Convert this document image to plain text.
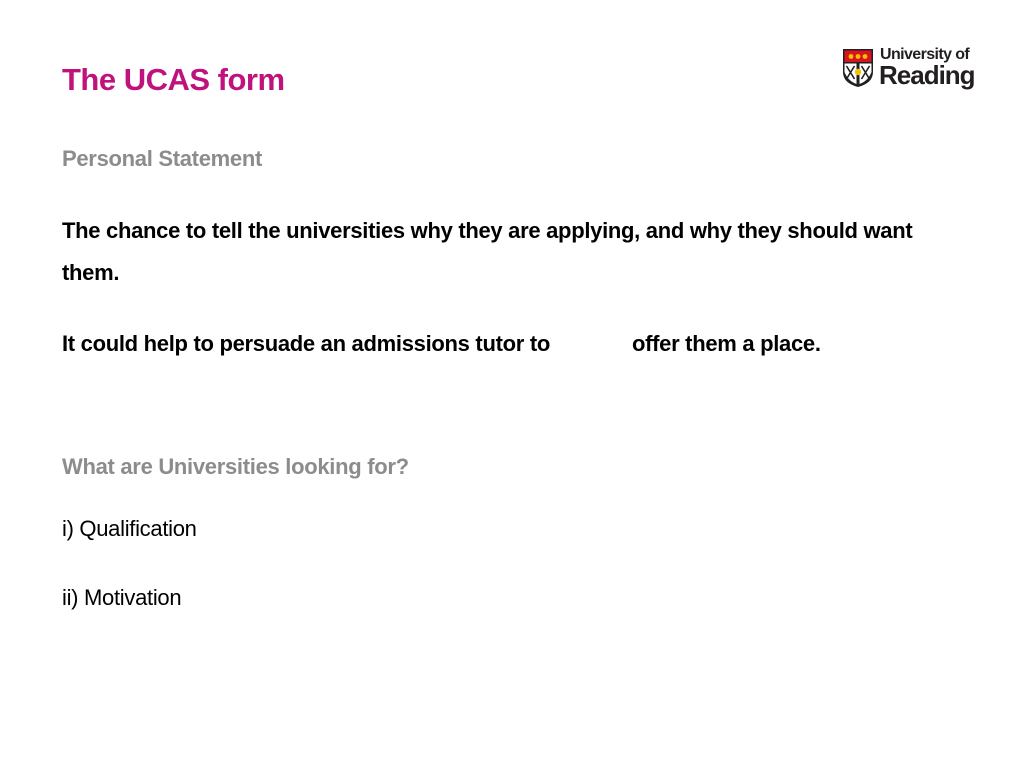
The UCAS form
University of
Reading
Personal Statement

The chance to tell the universities why they are applying, and why they should want them.

It could help to persuade an admissions tutor to	offer them a place.

What are Universities looking for?

i) Qualification

ii) Motivation
